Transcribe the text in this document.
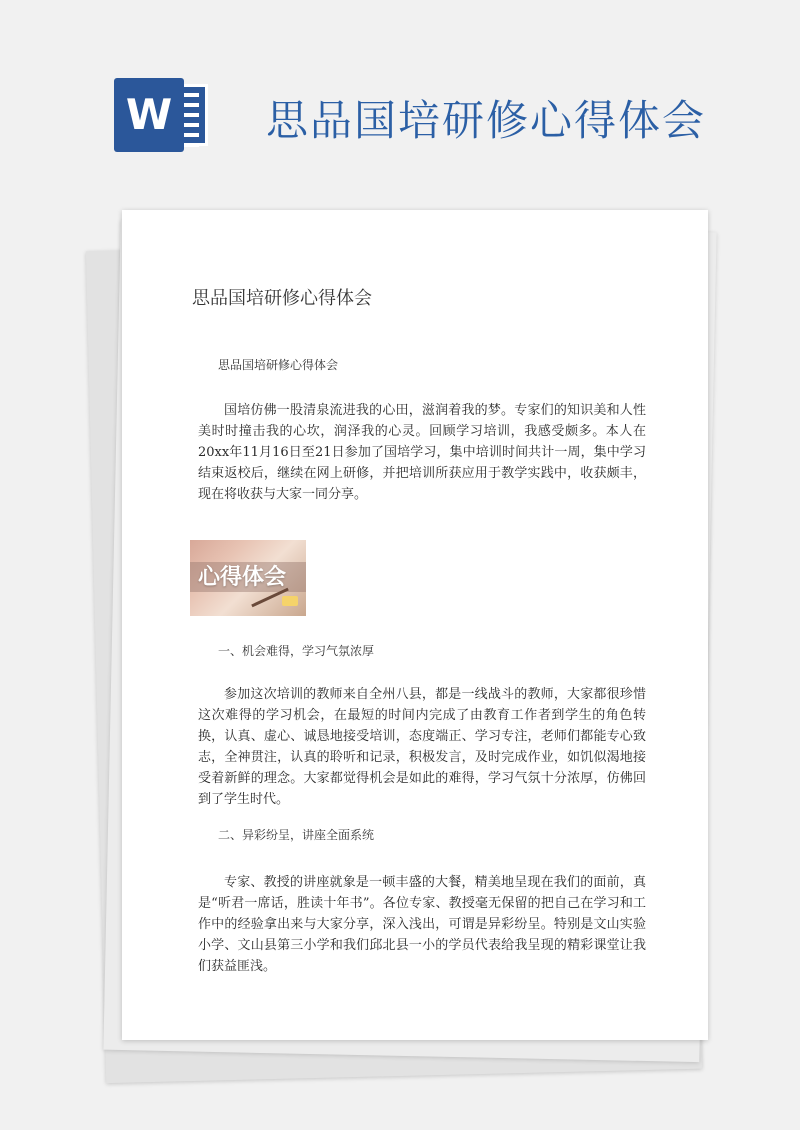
W 思品国培研修心得体会
思品国培研修心得体会
思品国培研修心得体会

国培仿佛一股清泉流进我的心田，滋润着我的梦。专家们的知识美和人性美时时撞击我的心坎，润泽我的心灵。回顾学习培训，我感受颇多。本人在20xx年11月16日至21日参加了国培学习，集中培训时间共计一周，集中学习结束返校后，继续在网上研修，并把培训所获应用于教学实践中，收获颇丰，现在将收获与大家一同分享。

心得体会
一、机会难得，学习气氛浓厚

参加这次培训的教师来自全州八县，都是一线战斗的教师，大家都很珍惜这次难得的学习机会，在最短的时间内完成了由教育工作者到学生的角色转换，认真、虚心、诚恳地接受培训，态度端正、学习专注，老师们都能专心致志，全神贯注，认真的聆听和记录，积极发言，及时完成作业，如饥似渴地接受着新鲜的理念。大家都觉得机会是如此的难得，学习气氛十分浓厚，仿佛回到了学生时代。

二、异彩纷呈，讲座全面系统

专家、教授的讲座就象是一顿丰盛的大餐，精美地呈现在我们的面前，真是“听君一席话，胜读十年书”。各位专家、教授毫无保留的把自己在学习和工作中的经验拿出来与大家分享，深入浅出，可谓是异彩纷呈。特别是文山实验小学、文山县第三小学和我们邱北县一小的学员代表给我呈现的精彩课堂让我们获益匪浅。
